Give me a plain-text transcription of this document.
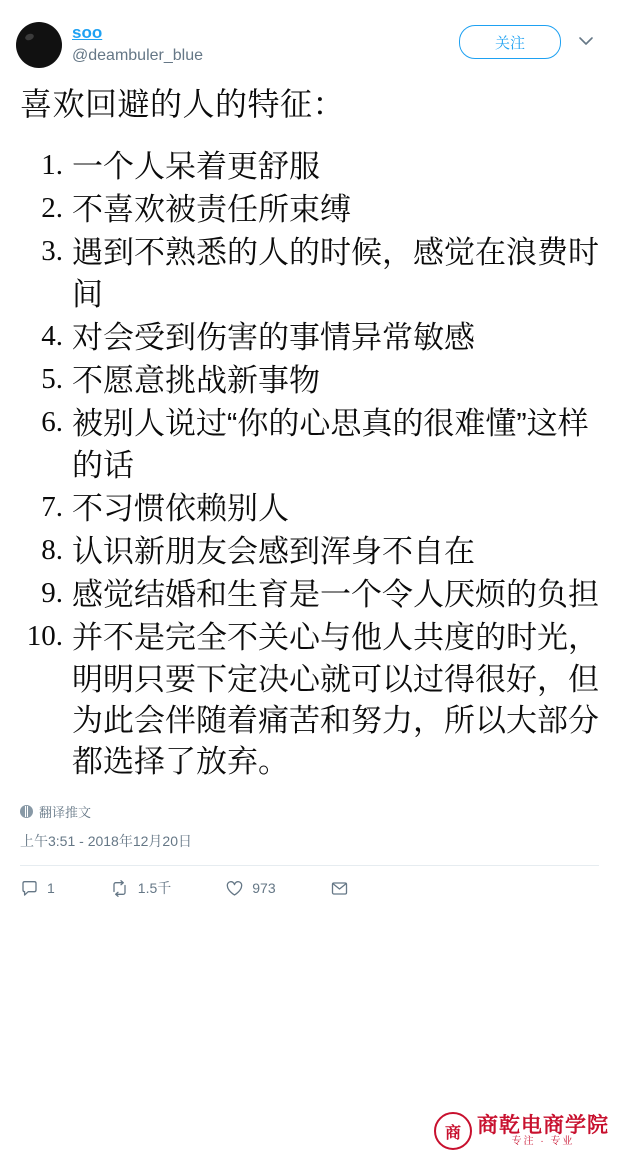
soo
@deambuler_blue
关注
喜欢回避的人的特征：
1. 一个人呆着更舒服
2. 不喜欢被责任所束缚
3. 遇到不熟悉的人的时候，感觉在浪费时间
4. 对会受到伤害的事情异常敏感
5. 不愿意挑战新事物
6. 被别人说过“你的心思真的很难懂”这样的话
7. 不习惯依赖别人
8. 认识新朋友会感到浑身不自在
9. 感觉结婚和生育是一个令人厌烦的负担
10. 并不是完全不关心与他人共度的时光，明明只要下定决心就可以过得很好，但为此会伴随着痛苦和努力，所以大部分都选择了放弃。
翻译推文
上午3:51 - 2018年12月20日
1	1.5千	973
商 商乾电商学院
专注 · 专业
